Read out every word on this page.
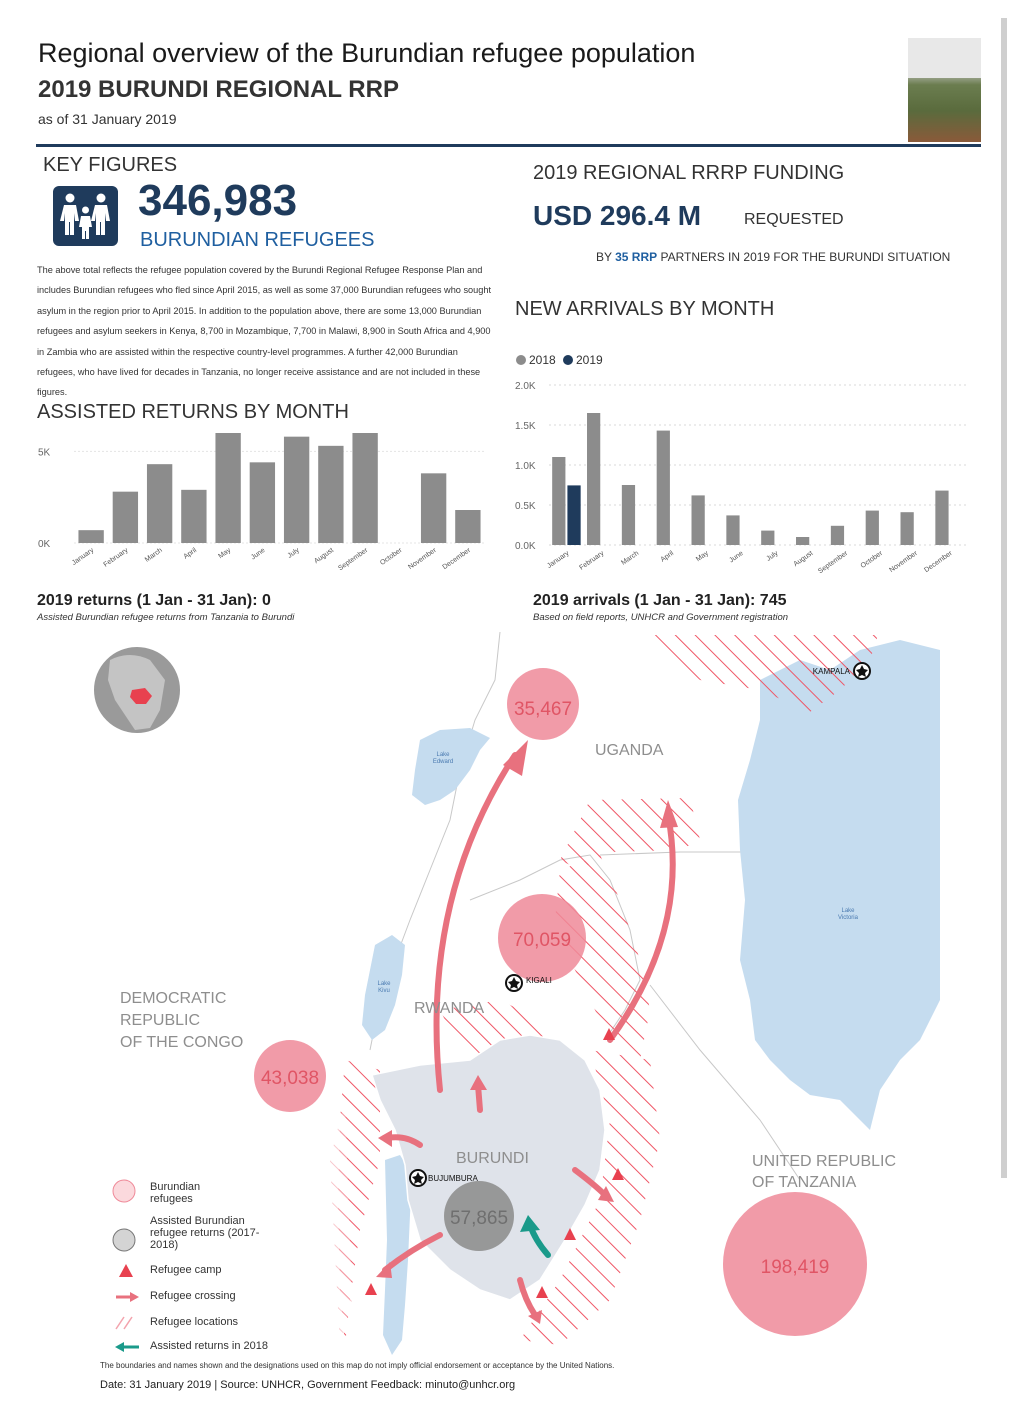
Regional overview of the Burundian refugee population
2019 BURUNDI REGIONAL RRP
as of 31 January 2019
KEY FIGURES
346,983
BURUNDIAN REFUGEES
The above total reflects the refugee population covered by the Burundi Regional Refugee Response Plan and includes Burundian refugees who fled since April 2015, as well as some 37,000 Burundian refugees who sought asylum in the region prior to April 2015. In addition to the population above, there are some 13,000 Burundian refugees and asylum seekers in Kenya, 8,700 in Mozambique, 7,700 in Malawi, 8,900 in South Africa and 4,900 in Zambia who are assisted within the respective country-level programmes. A further 42,000 Burundian refugees, who have lived for decades in Tanzania, no longer receive assistance and are not included in these figures.
2019 REGIONAL RRRP FUNDING
USD 296.4 M	REQUESTED
BY 35 RRP PARTNERS IN 2019 FOR THE BURUNDI SITUATION
ASSISTED RETURNS BY MONTH
NEW ARRIVALS BY MONTH
0K
5K
January February March	April	May	June	July August September October November December
2019 returns (1 Jan - 31 Jan): 0
Assisted Burundian refugee returns from Tanzania to Burundi
2018 2019
0.0K
0.5K
1.0K
1.5K
2.0K
January February March	April	May	June	July August September October November December
2019 arrivals (1 Jan - 31 Jan): 745
Based on field reports, UNHCR and Government registration
35,467
70,059
43,038
57,865
198,419
UGANDA
RWANDA
BURUNDI
DEMOCRATIC
REPUBLIC
OF THE CONGO
UNITED REPUBLIC
OF TANZANIA
Lake
Edward
Lake
Kivu
Lake
Victoria
KAMPALA
KIGALI
BUJUMBURA
Burundian refugees
Assisted Burundian refugee returns (2017-2018)
Refugee camp
Refugee crossing
Refugee locations
Assisted returns in 2018
The boundaries and names shown and the designations used on this map do not imply official endorsement or acceptance by the United Nations.
Date: 31 January 2019 | Source: UNHCR, Government Feedback: minuto@unhcr.org
